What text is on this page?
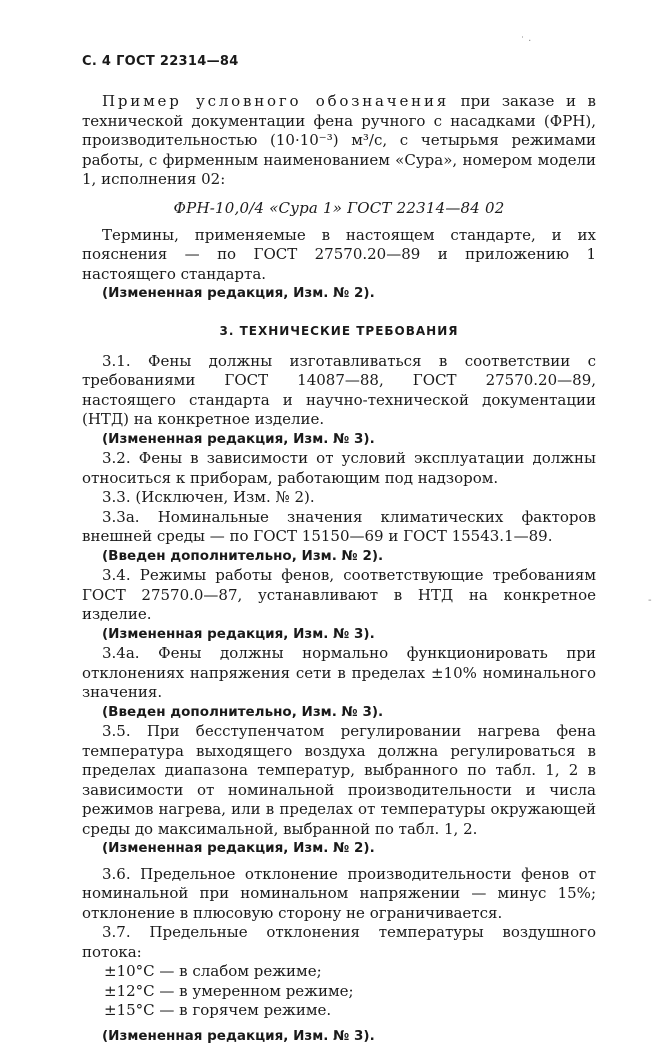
С. 4 ГОСТ 22314—84

Пример условного обозначения при заказе и в технической документации фена ручного с насадками (ФРН), производительностью (10·10⁻³) м³/с, с четырьмя режимами работы, с фирменным наименованием «Сура», номером модели 1, исполнения 02:

ФРН-10,0/4 «Сура 1» ГОСТ 22314—84 02

Термины, применяемые в настоящем стандарте, и их пояснения — по ГОСТ 27570.20—89 и приложению 1 настоящего стандарта.

(Измененная редакция, Изм. № 2).
3. ТЕХНИЧЕСКИЕ ТРЕБОВАНИЯ

3.1. Фены должны изготавливаться в соответствии с требованиями ГОСТ 14087—88, ГОСТ 27570.20—89, настоящего стандарта и научно-технической документации (НТД) на конкретное изделие.

(Измененная редакция, Изм. № 3).

3.2. Фены в зависимости от условий эксплуатации должны относиться к приборам, работающим под надзором.

3.3. (Исключен, Изм. № 2).

3.3а. Номинальные значения климатических факторов внешней среды — по ГОСТ 15150—69 и ГОСТ 15543.1—89.

(Введен дополнительно, Изм. № 2).

3.4. Режимы работы фенов, соответствующие требованиям ГОСТ 27570.0—87, устанавливают в НТД на конкретное изделие.

(Измененная редакция, Изм. № 3).

3.4а. Фены должны нормально функционировать при отклонениях напряжения сети в пределах ±10% номинального значения.

(Введен дополнительно, Изм. № 3).

3.5. При бесступенчатом регулировании нагрева фена температура выходящего воздуха должна регулироваться в пределах диапазона температур, выбранного по табл. 1, 2 в зависимости от номинальной производительности и числа режимов нагрева, или в пределах от температуры окружающей среды до максимальной, выбранной по табл. 1, 2.

(Измененная редакция, Изм. № 2).

3.6. Предельное отклонение производительности фенов от номинальной при номинальном напряжении — минус 15%; отклонение в плюсовую сторону не ограничивается.

3.7. Предельные отклонения температуры воздушного потока:

±10°С — в слабом режиме;

±12°С — в умеренном режиме;

±15°С — в горячем режиме.

(Измененная редакция, Изм. № 3).
˙ ·
-
